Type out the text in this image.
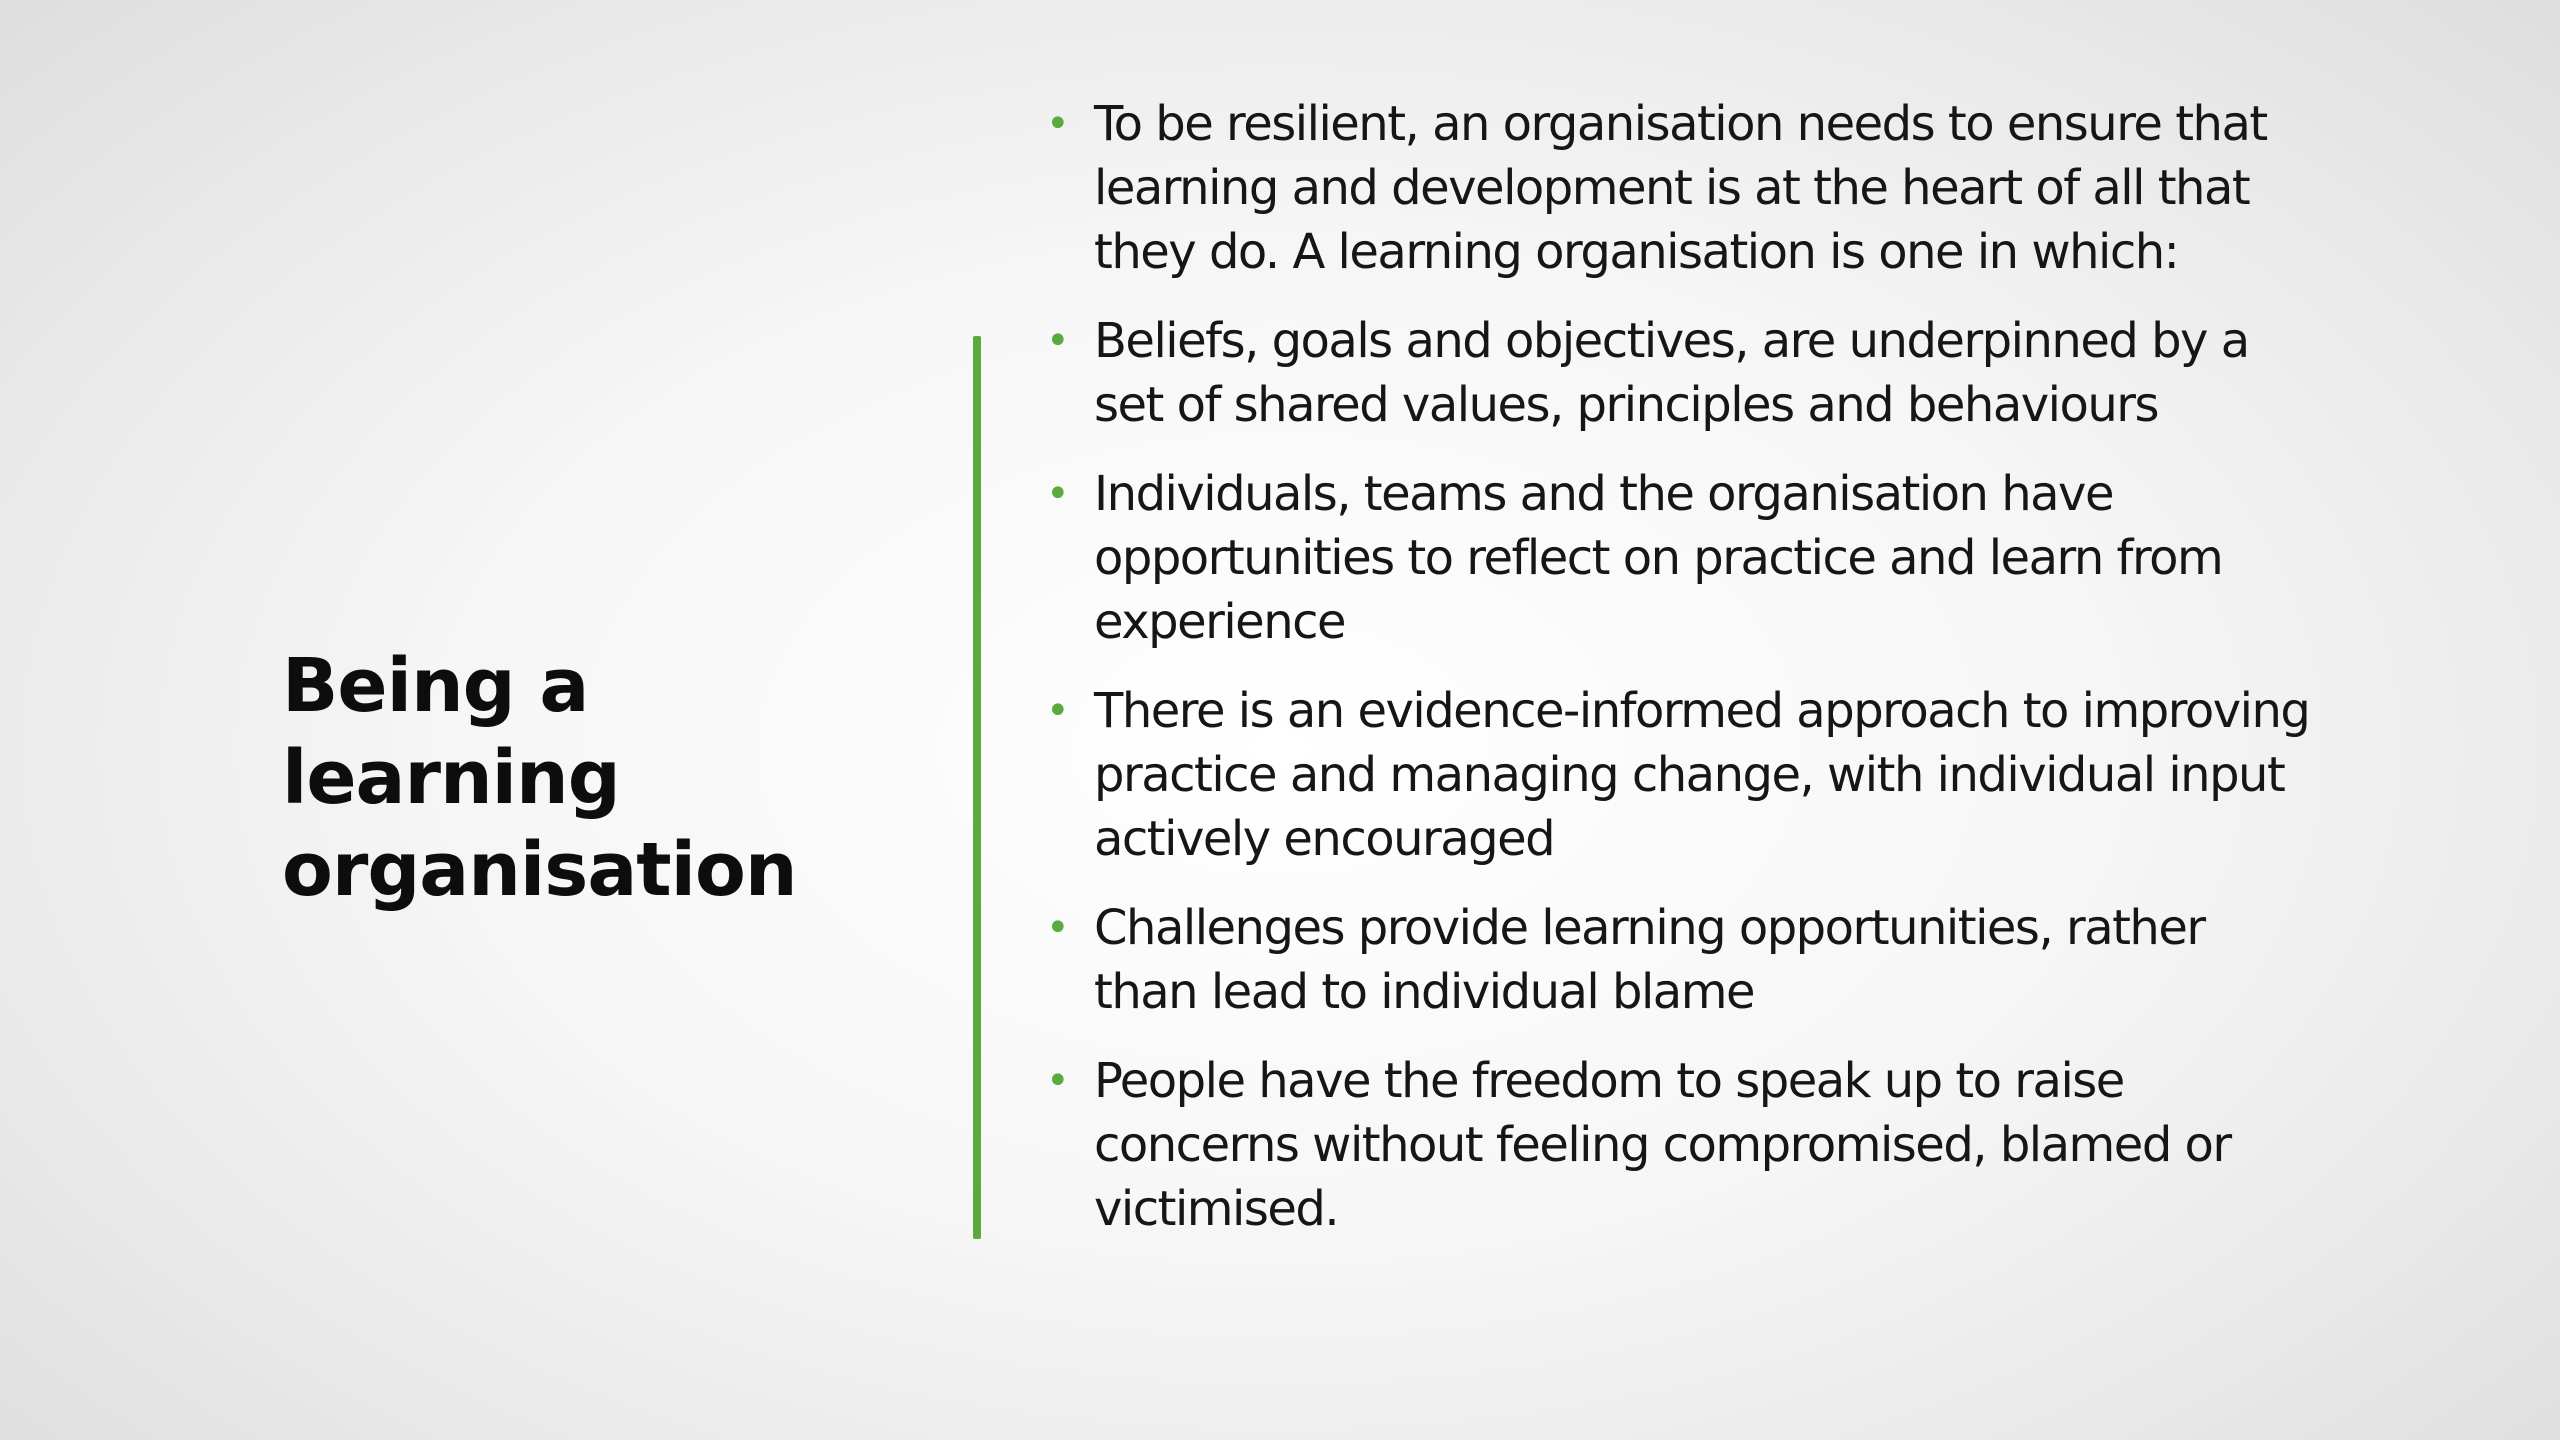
Being a learning organisation
• To be resilient, an organisation needs to ensure that learning and development is at the heart of all that they do. A learning organisation is one in which:
• Beliefs, goals and objectives, are underpinned by a set of shared values, principles and behaviours
• Individuals, teams and the organisation have opportunities to reflect on practice and learn from experience
• There is an evidence-informed approach to improving practice and managing change, with individual input actively encouraged
• Challenges provide learning opportunities, rather than lead to individual blame
• People have the freedom to speak up to raise concerns without feeling compromised, blamed or victimised.
